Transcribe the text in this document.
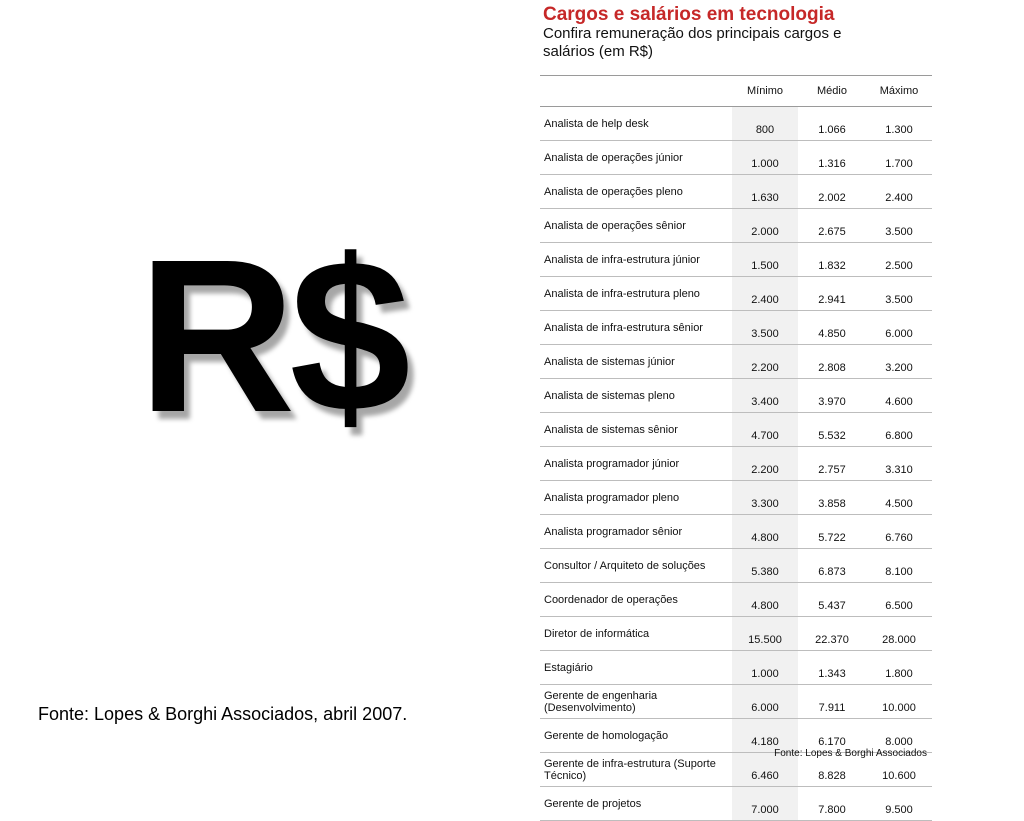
R$
Fonte: Lopes & Borghi Associados, abril 2007.
Cargos e salários em tecnologia
Confira remuneração dos principais cargos e salários (em R$)
	Mínimo	Médio	Máximo
Analista de help desk	800	1.066	1.300
Analista de operações júnior	1.000	1.316	1.700
Analista de operações pleno	1.630	2.002	2.400
Analista de operações sênior	2.000	2.675	3.500
Analista de infra-estrutura júnior	1.500	1.832	2.500
Analista de infra-estrutura pleno	2.400	2.941	3.500
Analista de infra-estrutura sênior	3.500	4.850	6.000
Analista de sistemas júnior	2.200	2.808	3.200
Analista de sistemas pleno	3.400	3.970	4.600
Analista de sistemas sênior	4.700	5.532	6.800
Analista programador júnior	2.200	2.757	3.310
Analista programador pleno	3.300	3.858	4.500
Analista programador sênior	4.800	5.722	6.760
Consultor / Arquiteto de soluções	5.380	6.873	8.100
Coordenador de operações	4.800	5.437	6.500
Diretor de informática	15.500	22.370	28.000
Estagiário	1.000	1.343	1.800
Gerente de engenharia (Desenvolvimento)	6.000	7.911	10.000
Gerente de homologação	4.180	6.170	8.000
Gerente de infra-estrutura (Suporte Técnico)	6.460	8.828	10.600
Gerente de projetos	7.000	7.800	9.500
Fonte: Lopes & Borghi Associados
